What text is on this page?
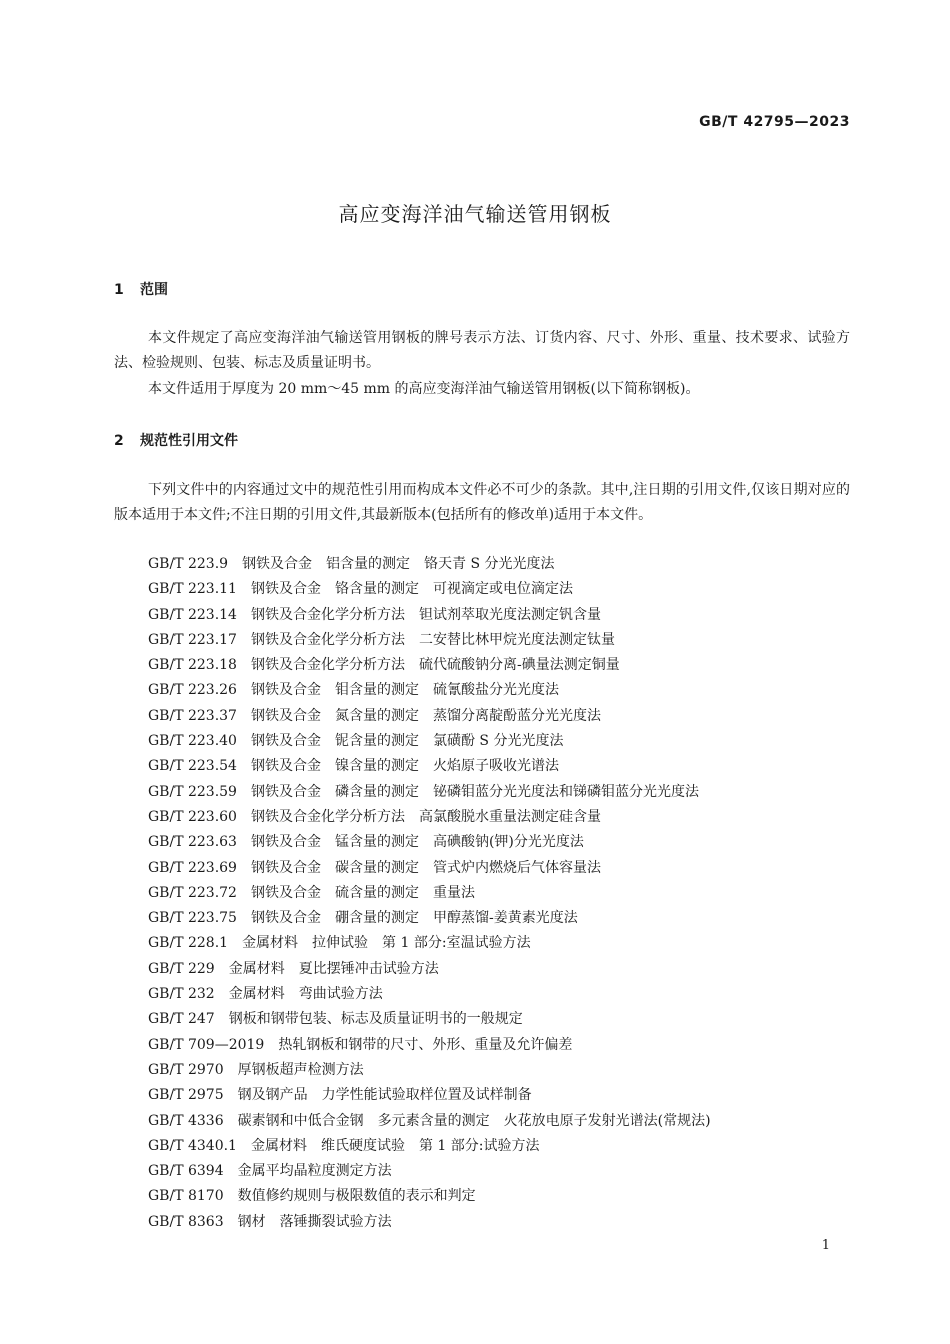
GB/T 42795—2023
高应变海洋油气输送管用钢板
1 范围

本文件规定了高应变海洋油气输送管用钢板的牌号表示方法、订货内容、尺寸、外形、重量、技术要求、试验方法、检验规则、包装、标志及质量证明书。

本文件适用于厚度为 20 mm～45 mm 的高应变海洋油气输送管用钢板(以下简称钢板)。

2 规范性引用文件

下列文件中的内容通过文中的规范性引用而构成本文件必不可少的条款。其中,注日期的引用文件,仅该日期对应的版本适用于本文件;不注日期的引用文件,其最新版本(包括所有的修改单)适用于本文件。

GB/T 223.9 钢铁及合金　铝含量的测定　铬天青 S 分光光度法
GB/T 223.11 钢铁及合金　铬含量的测定　可视滴定或电位滴定法
GB/T 223.14 钢铁及合金化学分析方法　钽试剂萃取光度法测定钒含量
GB/T 223.17 钢铁及合金化学分析方法　二安替比林甲烷光度法测定钛量
GB/T 223.18 钢铁及合金化学分析方法　硫代硫酸钠分离-碘量法测定铜量
GB/T 223.26 钢铁及合金　钼含量的测定　硫氰酸盐分光光度法
GB/T 223.37 钢铁及合金　氮含量的测定　蒸馏分离靛酚蓝分光光度法
GB/T 223.40 钢铁及合金　铌含量的测定　氯磺酚 S 分光光度法
GB/T 223.54 钢铁及合金　镍含量的测定　火焰原子吸收光谱法
GB/T 223.59 钢铁及合金　磷含量的测定　铋磷钼蓝分光光度法和锑磷钼蓝分光光度法
GB/T 223.60 钢铁及合金化学分析方法　高氯酸脱水重量法测定硅含量
GB/T 223.63 钢铁及合金　锰含量的测定　高碘酸钠(钾)分光光度法
GB/T 223.69 钢铁及合金　碳含量的测定　管式炉内燃烧后气体容量法
GB/T 223.72 钢铁及合金　硫含量的测定　重量法
GB/T 223.75 钢铁及合金　硼含量的测定　甲醇蒸馏-姜黄素光度法
GB/T 228.1 金属材料　拉伸试验　第 1 部分:室温试验方法
GB/T 229 金属材料　夏比摆锤冲击试验方法
GB/T 232 金属材料　弯曲试验方法
GB/T 247 钢板和钢带包装、标志及质量证明书的一般规定
GB/T 709—2019 热轧钢板和钢带的尺寸、外形、重量及允许偏差
GB/T 2970 厚钢板超声检测方法
GB/T 2975 钢及钢产品　力学性能试验取样位置及试样制备
GB/T 4336 碳素钢和中低合金钢　多元素含量的测定　火花放电原子发射光谱法(常规法)
GB/T 4340.1 金属材料　维氏硬度试验　第 1 部分:试验方法
GB/T 6394 金属平均晶粒度测定方法
GB/T 8170 数值修约规则与极限数值的表示和判定
GB/T 8363 钢材　落锤撕裂试验方法
1
